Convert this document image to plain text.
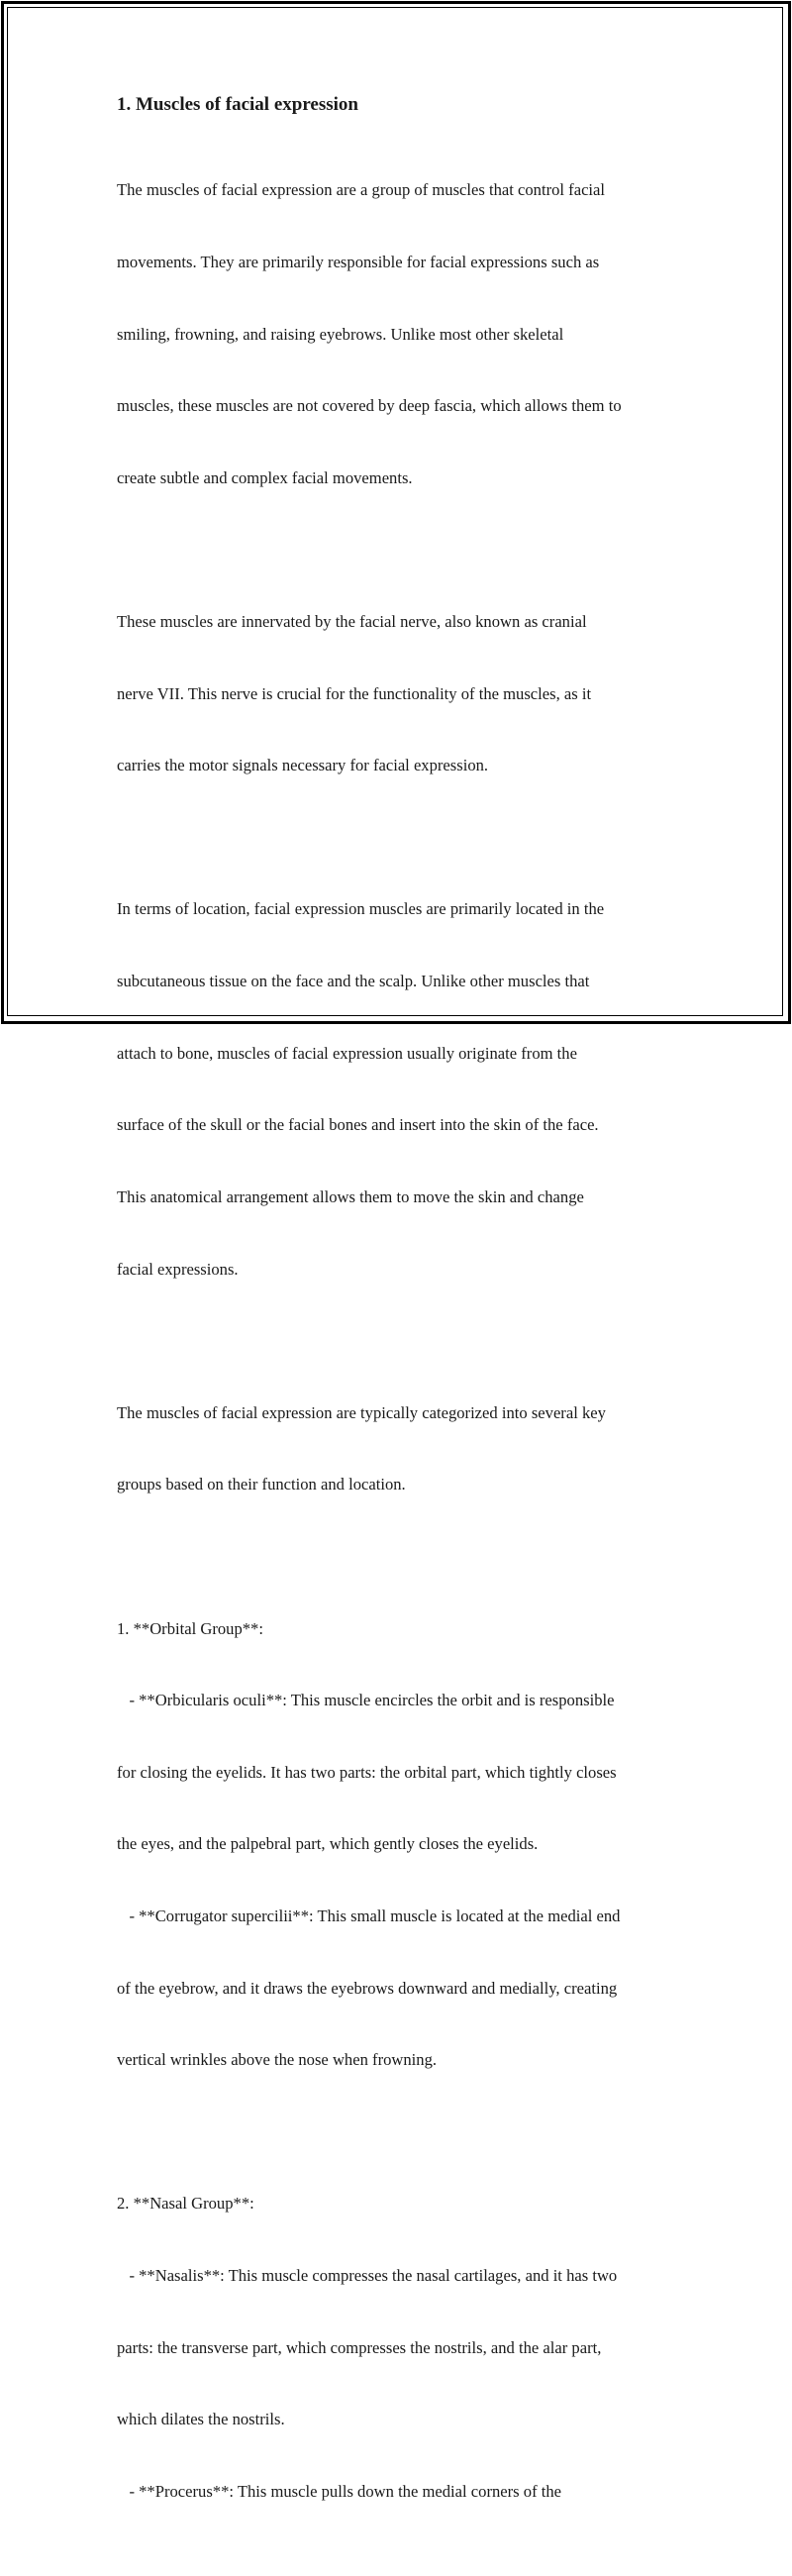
1. Muscles of facial expression

The muscles of facial expression are a group of muscles that control facial

movements. They are primarily responsible for facial expressions such as

smiling, frowning, and raising eyebrows. Unlike most other skeletal

muscles, these muscles are not covered by deep fascia, which allows them to

create subtle and complex facial movements.

These muscles are innervated by the facial nerve, also known as cranial

nerve VII. This nerve is crucial for the functionality of the muscles, as it

carries the motor signals necessary for facial expression.

In terms of location, facial expression muscles are primarily located in the

subcutaneous tissue on the face and the scalp. Unlike other muscles that

attach to bone, muscles of facial expression usually originate from the

surface of the skull or the facial bones and insert into the skin of the face.

This anatomical arrangement allows them to move the skin and change

facial expressions.

The muscles of facial expression are typically categorized into several key

groups based on their function and location.

1. **Orbital Group**:

- **Orbicularis oculi**: This muscle encircles the orbit and is responsible

for closing the eyelids. It has two parts: the orbital part, which tightly closes

the eyes, and the palpebral part, which gently closes the eyelids.

- **Corrugator supercilii**: This small muscle is located at the medial end

of the eyebrow, and it draws the eyebrows downward and medially, creating

vertical wrinkles above the nose when frowning.

2. **Nasal Group**:

- **Nasalis**: This muscle compresses the nasal cartilages, and it has two

parts: the transverse part, which compresses the nostrils, and the alar part,

which dilates the nostrils.

- **Procerus**: This muscle pulls down the medial corners of the
